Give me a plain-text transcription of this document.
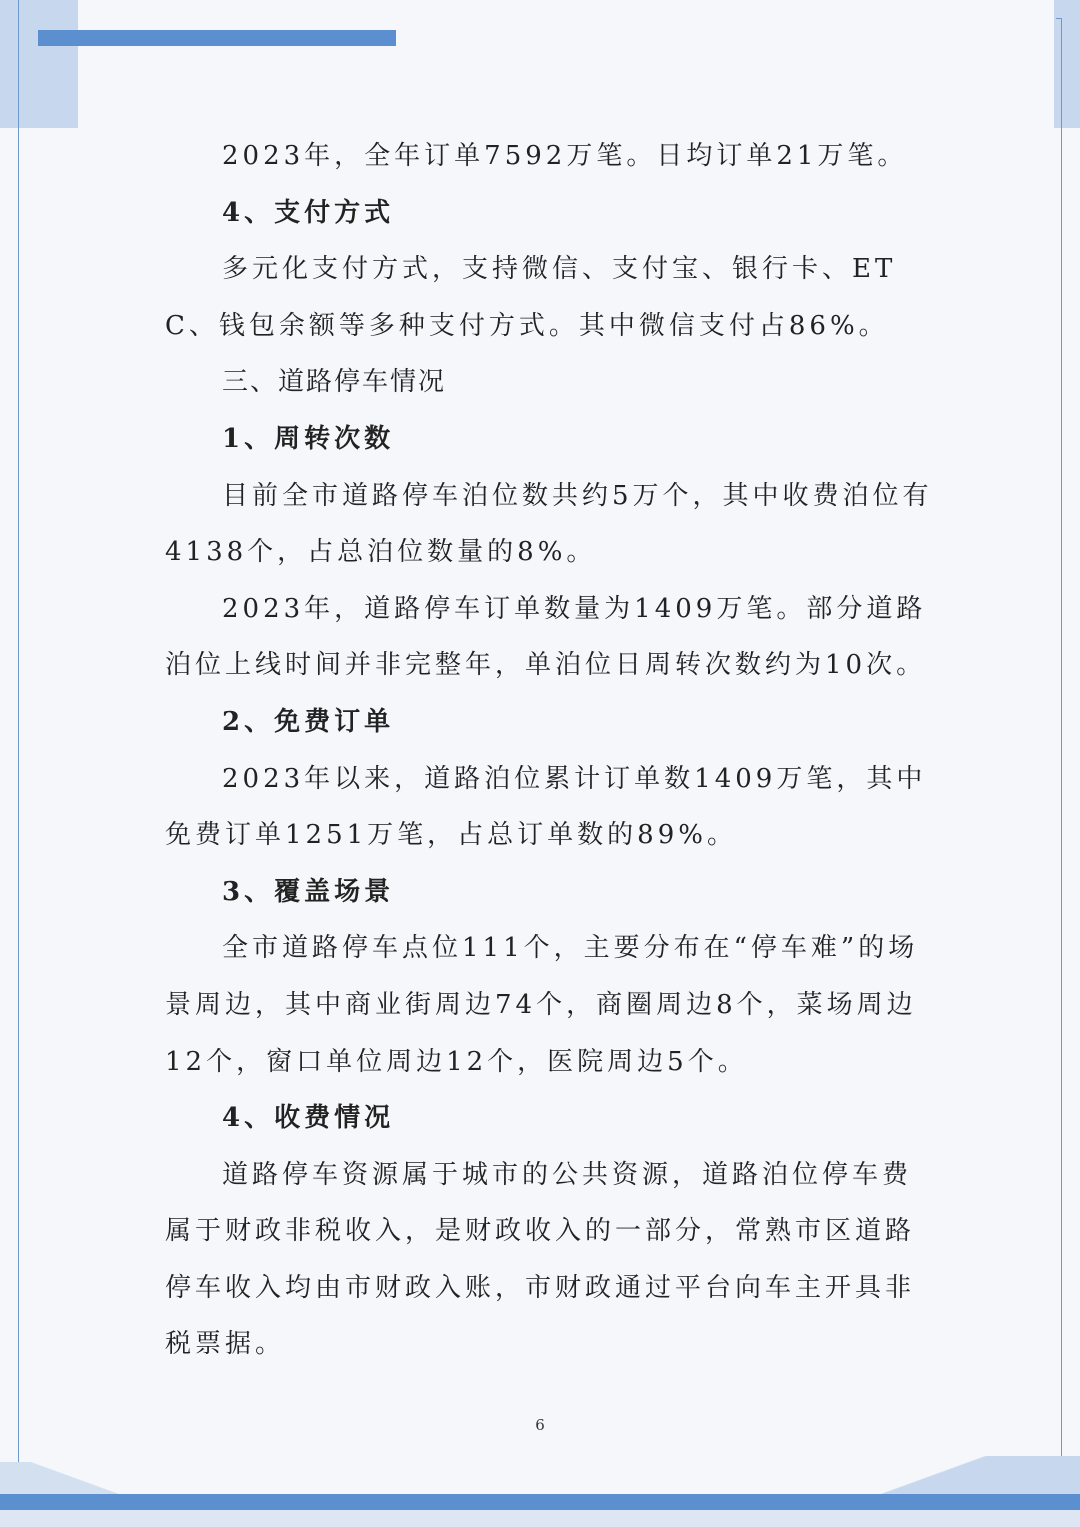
2023年，全年订单7592万笔。日均订单21万笔。

4、支付方式

多元化支付方式，支持微信、支付宝、银行卡、ETC、钱包余额等多种支付方式。其中微信支付占86%。

三、道路停车情况

1、周转次数

目前全市道路停车泊位数共约5万个，其中收费泊位有4138个，占总泊位数量的8%。

2023年，道路停车订单数量为1409万笔。部分道路泊位上线时间并非完整年，单泊位日周转次数约为10次。

2、免费订单

2023年以来，道路泊位累计订单数1409万笔，其中免费订单1251万笔，占总订单数的89%。

3、覆盖场景

全市道路停车点位111个，主要分布在“停车难”的场景周边，其中商业街周边74个，商圈周边8个，菜场周边12个，窗口单位周边12个，医院周边5个。

4、收费情况

道路停车资源属于城市的公共资源，道路泊位停车费属于财政非税收入，是财政收入的一部分，常熟市区道路停车收入均由市财政入账，市财政通过平台向车主开具非税票据。

6
